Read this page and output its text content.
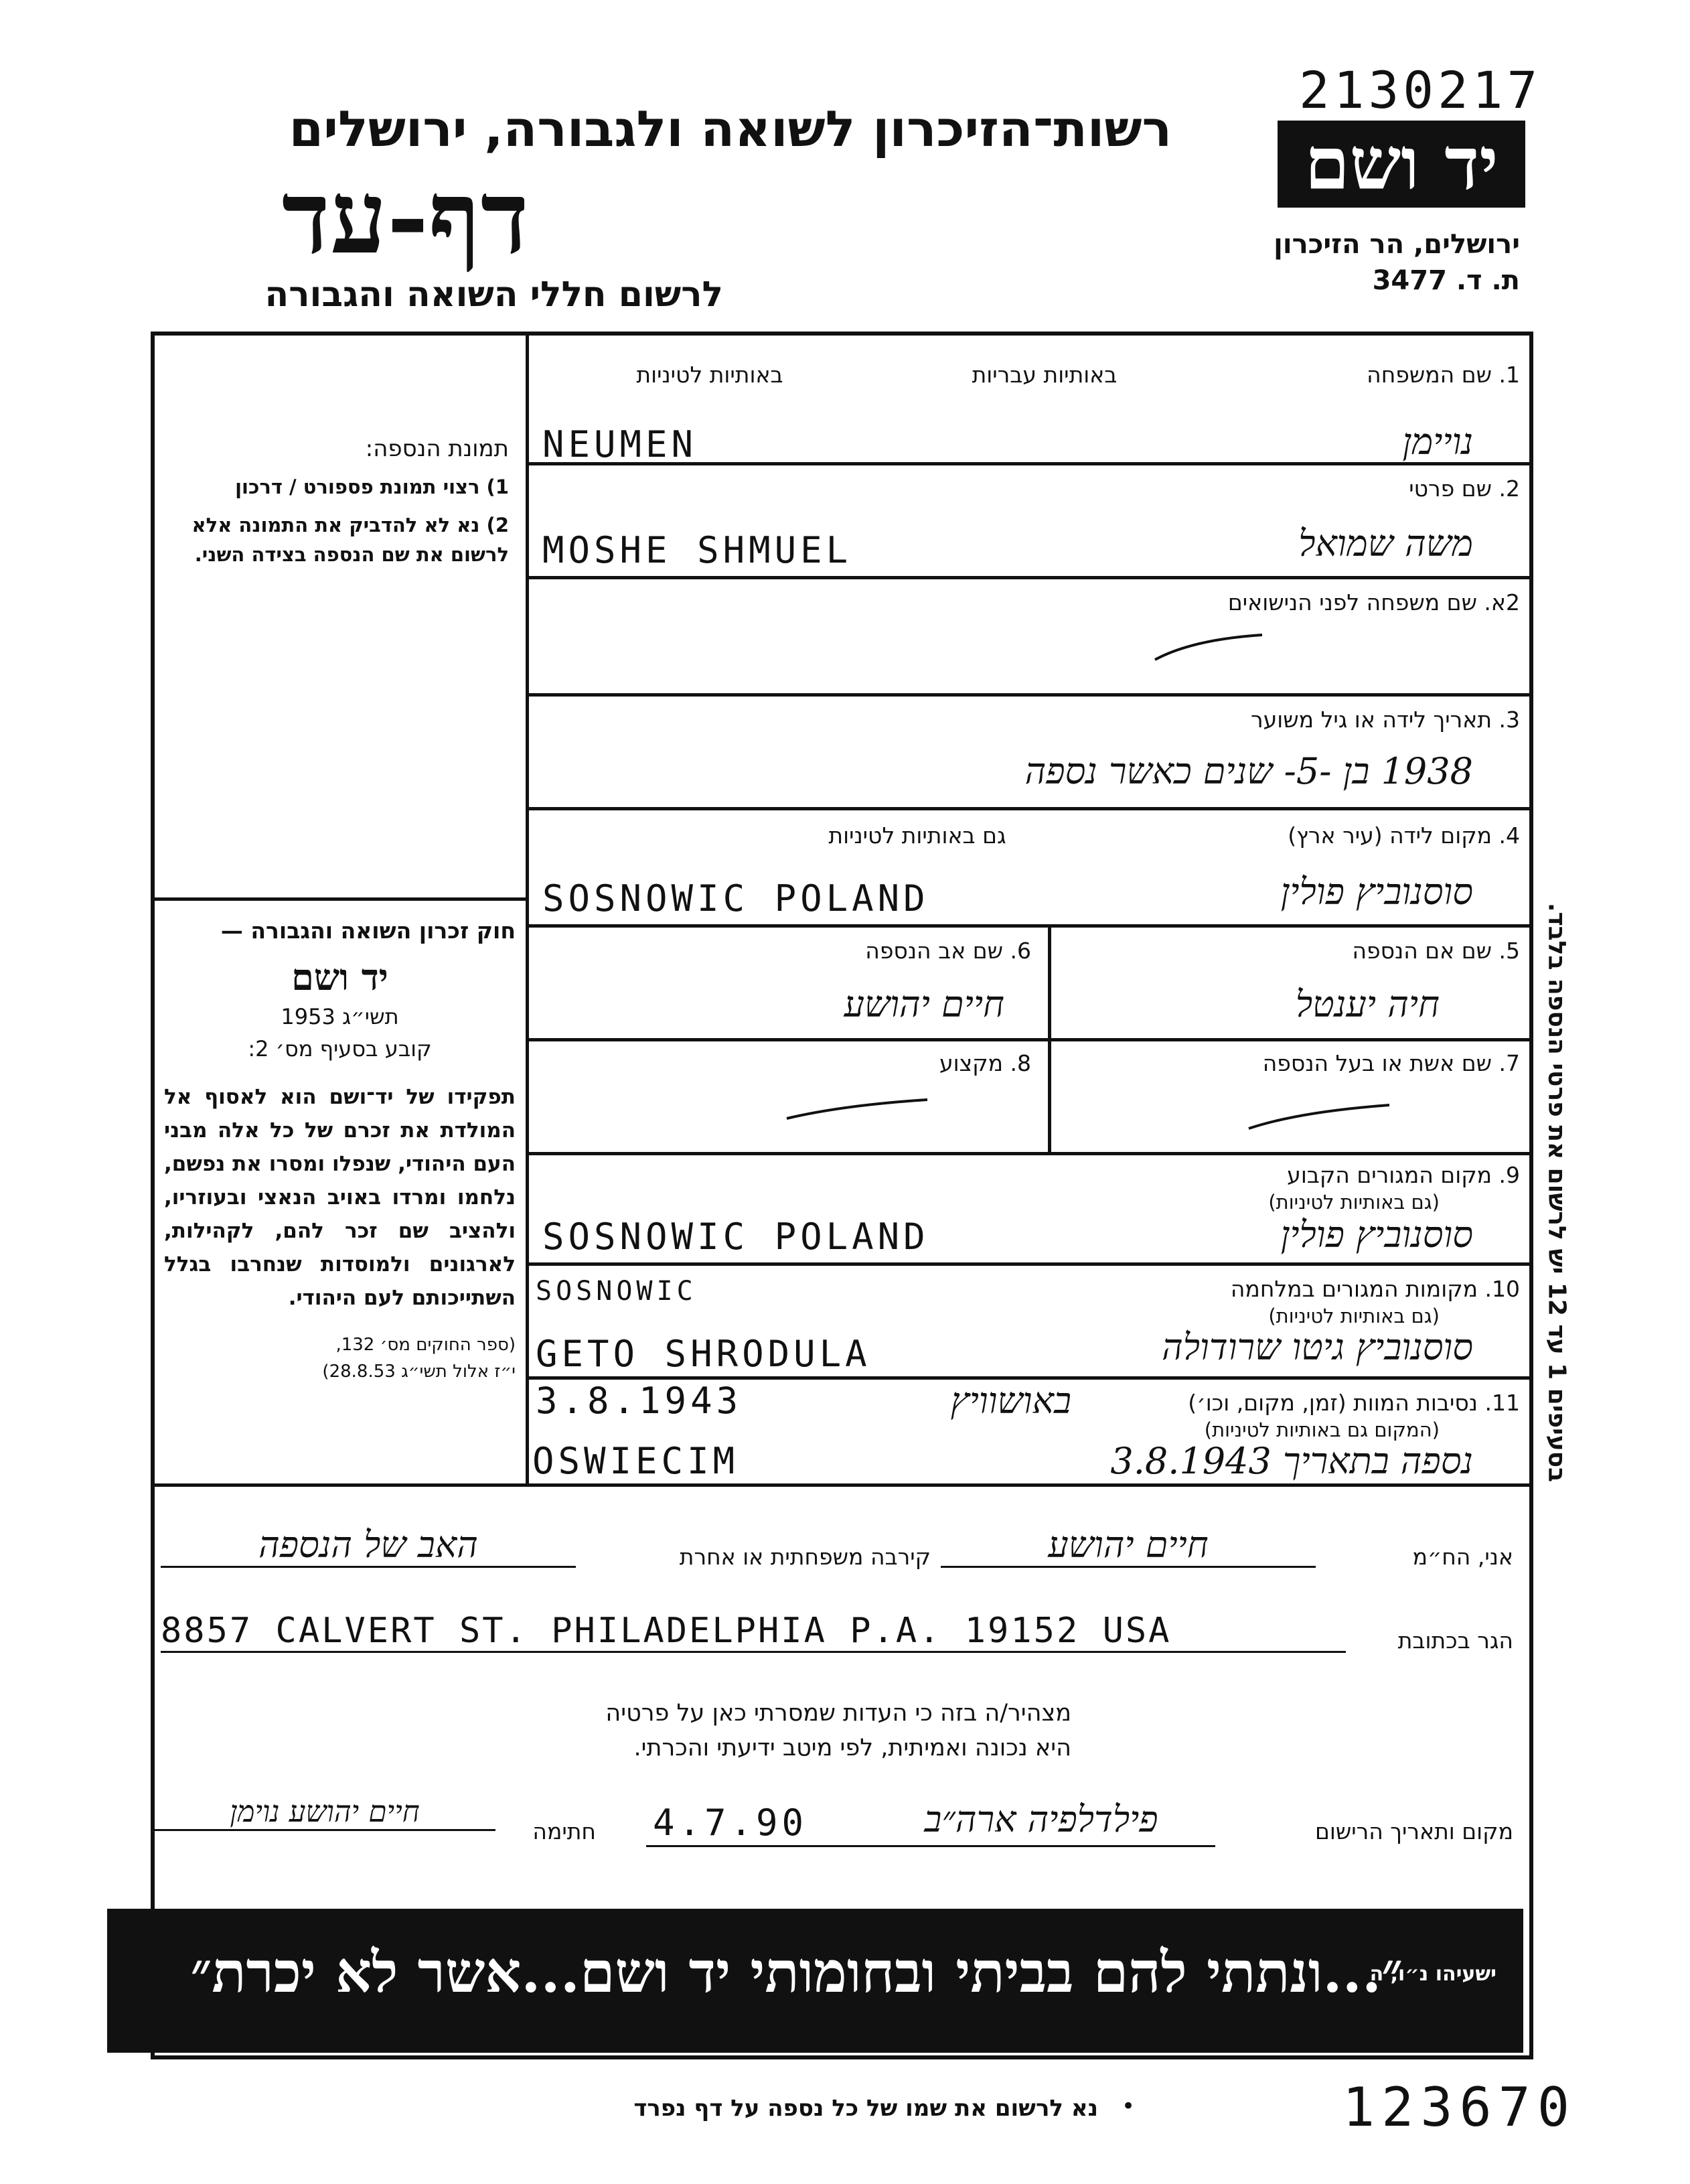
2130217
יד ושם
ירושלים, הר הזיכרון
ת. ד. 3477
רשות־הזיכרון לשואה ולגבורה, ירושלים
דף-עד
לרשום חללי השואה והגבורה
בסעיפים 1 עד 12 יש לרשום את פרטי הנספה בלבד.
תמונת הנספה:
1) רצוי תמונת פספורט / דרכון
2) נא לא להדביק את התמונה אלא לרשום את שם הנספה בצידה השני.
חוק זכרון השואה והגבורה —
יד ושם
תשי״ג 1953
קובע בסעיף מס׳ 2:
תפקידו של יד־ושם הוא לאסוף אל המולדת את זכרם של כל אלה מבני העם היהודי, שנפלו ומסרו את נפשם, נלחמו ומרדו באויב הנאצי ובעוזריו, ולהציב שם זכר להם, לקהילות, לארגונים ולמוסדות שנחרבו בגלל השתייכותם לעם היהודי.
(ספר החוקים מס׳ 132,
י״ז אלול תשי״ג 28.8.53)
1. שם המשפחה
באותיות עבריות
באותיות לטיניות
נויימן
NEUMEN
2. שם פרטי
משה שמואל
MOSHE SHMUEL
2א. שם משפחה לפני הנישואים
3. תאריך לידה או גיל משוער
1938 בן -5- שנים כאשר נספה
4. מקום לידה (עיר ארץ)
גם באותיות לטיניות
סוסנוביץ פולין
SOSNOWIC POLAND
5. שם אם הנספה
חיה יענטל
6. שם אב הנספה
חיים יהושע
7. שם אשת או בעל הנספה
8. מקצוע
9. מקום המגורים הקבוע
(גם באותיות לטיניות)
סוסנוביץ פולין
SOSNOWIC POLAND
10. מקומות המגורים במלחמה
(גם באותיות לטיניות)
SOSNOWIC
סוסנוביץ גיטו שרודולה
GETO SHRODULA
11. נסיבות המוות (זמן, מקום, וכו׳)
(המקום גם באותיות לטיניות)
3.8.1943	באושוויץ
OSWIECIM	נספה בתאריך 3.8.1943
אני, הח״מ
חיים יהושע
קירבה משפחתית או אחרת
האב של הנספה
הגר בכתובת
8857 CALVERT ST. PHILADELPHIA P.A. 19152 USA
מצהיר/ה בזה כי העדות שמסרתי כאן על פרטיה
היא נכונה ואמיתית, לפי מיטב ידיעתי והכרתי.
מקום ותאריך הרישום
פילדלפיה ארה״ב
4.7.90
חתימה
חיים יהושע נוימן
״...ונתתי להם בביתי ובחומותי יד ושם...אשר לא יכרת״
ישעיהו נ״ו, ה
נא לרשום את שמו של כל נספה על דף נפרד •	123670
